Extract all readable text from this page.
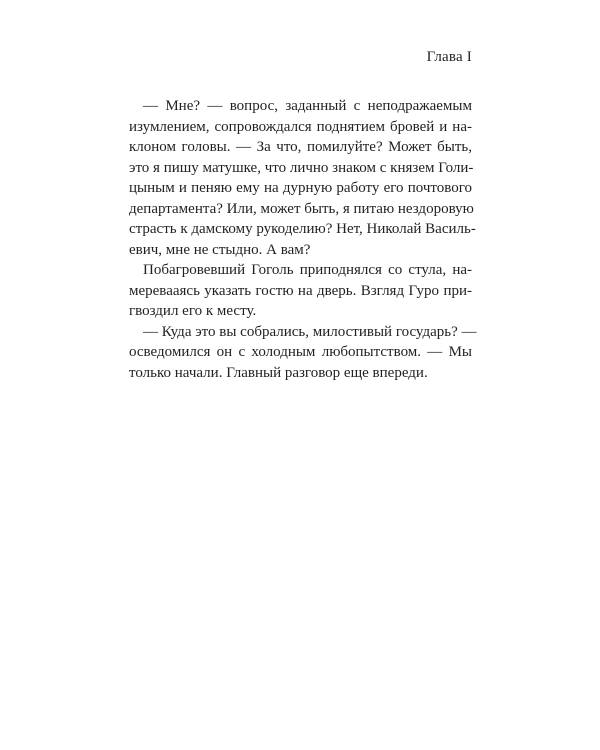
Глава I
— Мне? — вопрос, заданный с неподражаемым
изумлением, сопровождался поднятием бровей и на-
клоном головы. — За что, помилуйте? Может быть,
это я пишу матушке, что лично знаком с князем Голи-
цыным и пеняю ему на дурную работу его почтового
департамента? Или, может быть, я питаю нездоровую
страсть к дамскому рукоделию? Нет, Николай Василь-
евич, мне не стыдно. А вам?
Побагровевший Гоголь приподнялся со стула, на-
меревааясь указать гостю на дверь. Взгляд Гуро при-
гвоздил его к месту.
— Куда это вы собрались, милостивый государь? —
осведомился он с холодным любопытством. — Мы
только начали. Главный разговор еще впереди.
